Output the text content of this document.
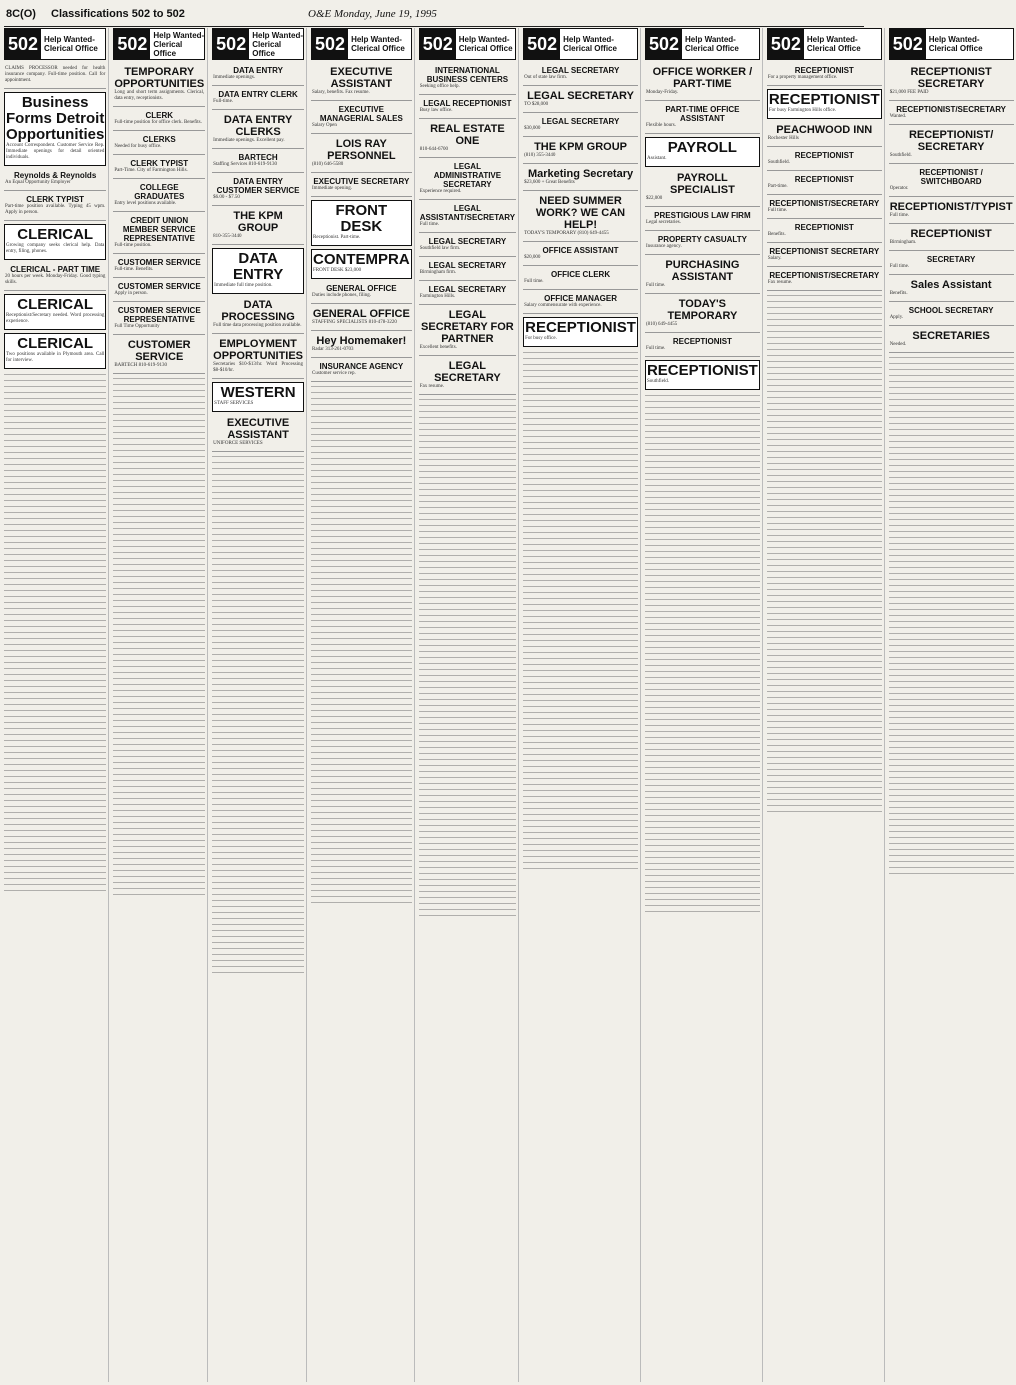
8C(O) Classifications 502 to 502	O&E Monday, June 19, 1995
502 Help Wanted-
Clerical Office
CLAIMS PROCESSOR needed for health insurance company. Full-time position. Call for appointment.
Business Forms Detroit Opportunities
Account Correspondent. Customer Service Rep. Immediate openings for detail oriented individuals.
Reynolds & Reynolds
An Equal Opportunity Employer
CLERK TYPIST
Part-time position available. Typing 45 wpm. Apply in person.
CLERICAL
Growing company seeks clerical help. Data entry, filing, phones.
CLERICAL - PART TIME
20 hours per week. Monday-Friday. Good typing skills.
CLERICAL
Receptionist/Secretary needed. Word processing experience.
CLERICAL
Two positions available in Plymouth area. Call for interview.
502 Help Wanted-
Clerical Office
TEMPORARY OPPORTUNITIES
Long and short term assignments. Clerical, data entry, receptionists.
CLERK
Full-time position for office clerk. Benefits.
CLERKS
Needed for busy office.
CLERK TYPIST
Part-Time. City of Farmington Hills.
COLLEGE GRADUATES
Entry level positions available.
CREDIT UNION MEMBER SERVICE REPRESENTATIVE
Full-time position.
CUSTOMER SERVICE
Full-time. Benefits.
CUSTOMER SERVICE
Apply in person.
CUSTOMER SERVICE REPRESENTATIVE
Full Time Opportunity
CUSTOMER SERVICE
BARTECH 810-619-9130
502 Help Wanted-
Clerical Office
DATA ENTRY
Immediate openings.
DATA ENTRY CLERK
Full-time.
DATA ENTRY CLERKS
Immediate openings. Excellent pay.
BARTECH
Staffing Services 810-619-9130
DATA ENTRY CUSTOMER SERVICE
$6.00 - $7.50
THE KPM GROUP
810-355-3440
DATA ENTRY
Immediate full time position.
DATA PROCESSING
Full time data processing position available.
EMPLOYMENT OPPORTUNITIES
Secretaries $10-$13/hr. Word Processing $8-$10/hr.
WESTERN
STAFF SERVICES
EXECUTIVE ASSISTANT
UNIFORCE SERVICES
502 Help Wanted-
Clerical Office
EXECUTIVE ASSISTANT
Salary, benefits. Fax resume.
EXECUTIVE MANAGERIAL SALES
Salary Open
LOIS RAY PERSONNEL
(810) 646-5580
EXECUTIVE SECRETARY
Immediate opening.
FRONT DESK
Receptionist. Part-time.
CONTEMPRA
FRONT DESK $23,000
GENERAL OFFICE
Duties include phones, filing.
GENERAL OFFICE
STAFFING SPECIALISTS 810-478-3220
Hey Homemaker!
Radar 313-261-0703
INSURANCE AGENCY
Customer service rep.
502 Help Wanted-
Clerical Office
INTERNATIONAL BUSINESS CENTERS
Seeking office help.
LEGAL RECEPTIONIST
Busy law office.
REAL ESTATE ONE
810-644-6700
LEGAL ADMINISTRATIVE SECRETARY
Experience required.
LEGAL ASSISTANT/SECRETARY
Full time.
LEGAL SECRETARY
Southfield law firm.
LEGAL SECRETARY
Birmingham firm.
LEGAL SECRETARY
Farmington Hills.
LEGAL SECRETARY FOR PARTNER
Excellent benefits.
LEGAL SECRETARY
Fax resume.
502 Help Wanted-
Clerical Office
LEGAL SECRETARY
Out of state law firm.
LEGAL SECRETARY
TO $28,000
LEGAL SECRETARY
$30,000
THE KPM GROUP
(810) 355-3440
Marketing Secretary
$23,600 + Great Benefits
NEED SUMMER WORK? WE CAN HELP!
TODAY'S TEMPORARY (810) 649-4455
OFFICE ASSISTANT
$20,000
OFFICE CLERK
Full time.
OFFICE MANAGER
Salary commensurate with experience.
RECEPTIONIST
For busy office.
502 Help Wanted-
Clerical Office
OFFICE WORKER / PART-TIME
Monday-Friday.
PART-TIME OFFICE ASSISTANT
Flexible hours.
PAYROLL
Assistant.
PAYROLL SPECIALIST
$22,000
PRESTIGIOUS LAW FIRM
Legal secretaries.
PROPERTY CASUALTY
Insurance agency.
PURCHASING ASSISTANT
Full time.
TODAY'S TEMPORARY
(810) 649-4455
RECEPTIONIST
Full time.
RECEPTIONIST
Southfield.
502 Help Wanted-
Clerical Office
RECEPTIONIST
For a property management office.
RECEPTIONIST
For busy Farmington Hills office.
PEACHWOOD INN
Rochester Hills
RECEPTIONIST
Southfield.
RECEPTIONIST
Part-time.
RECEPTIONIST/SECRETARY
Full time.
RECEPTIONIST
Benefits.
RECEPTIONIST SECRETARY
Salary.
RECEPTIONIST/SECRETARY
Fax resume.
502 Help Wanted-
Clerical Office
RECEPTIONIST SECRETARY
$21,000 FEE PAID
RECEPTIONIST/SECRETARY
Wanted.
RECEPTIONIST/ SECRETARY
Southfield.
RECEPTIONIST / SWITCHBOARD
Operator.
RECEPTIONIST/TYPIST
Full time.
RECEPTIONIST
Birmingham.
SECRETARY
Full time.
Sales Assistant
Benefits.
SCHOOL SECRETARY
Apply.
SECRETARIES
Needed.
